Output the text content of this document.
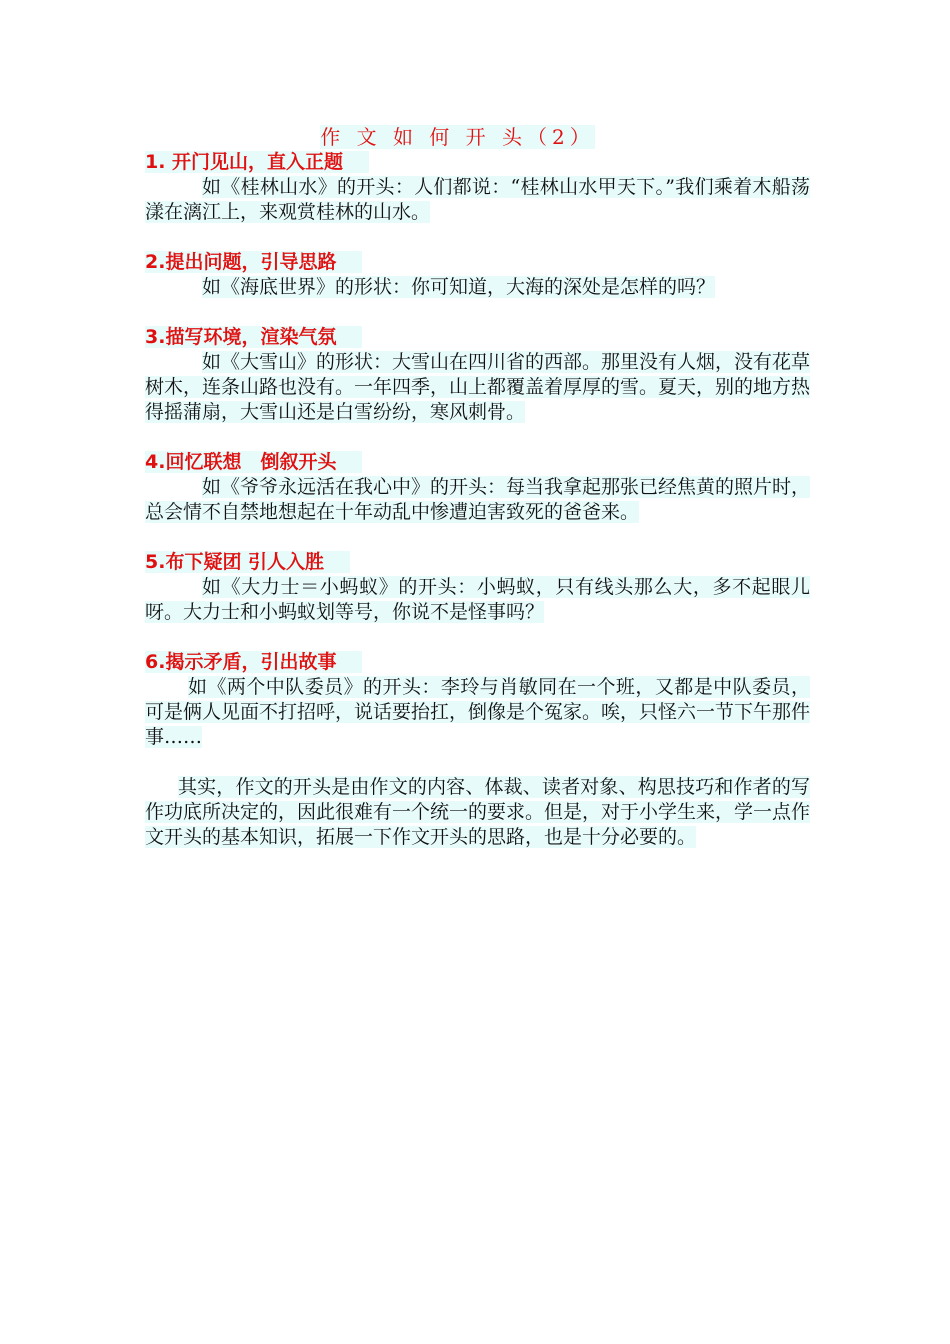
作 文 如 何 开 头（2）

1. 开门见山，直入正题

如《桂林山水》的开头：人们都说：“桂林山水甲天下。”我们乘着木船荡漾在漓江上，来观赏桂林的山水。

2.提出问题，引导思路

如《海底世界》的形状：你可知道，大海的深处是怎样的吗？

3.描写环境，渲染气氛

如《大雪山》的形状：大雪山在四川省的西部。那里没有人烟，没有花草树木，连条山路也没有。一年四季，山上都覆盖着厚厚的雪。夏天，别的地方热得摇蒲扇，大雪山还是白雪纷纷，寒风刺骨。

4.回忆联想　倒叙开头

如《爷爷永远活在我心中》的开头：每当我拿起那张已经焦黄的照片时，总会情不自禁地想起在十年动乱中惨遭迫害致死的爸爸来。

5.布下疑团 引人入胜

如《大力士＝小蚂蚁》的开头：小蚂蚁，只有线头那么大，多不起眼儿呀。大力士和小蚂蚁划等号，你说不是怪事吗？

6.揭示矛盾，引出故事

如《两个中队委员》的开头：李玲与肖敏同在一个班，又都是中队委员，可是俩人见面不打招呼，说话要抬扛，倒像是个冤家。唉，只怪六一节下午那件事……

其实，作文的开头是由作文的内容、体裁、读者对象、构思技巧和作者的写作功底所决定的，因此很难有一个统一的要求。但是，对于小学生来，学一点作文开头的基本知识，拓展一下作文开头的思路，也是十分必要的。
